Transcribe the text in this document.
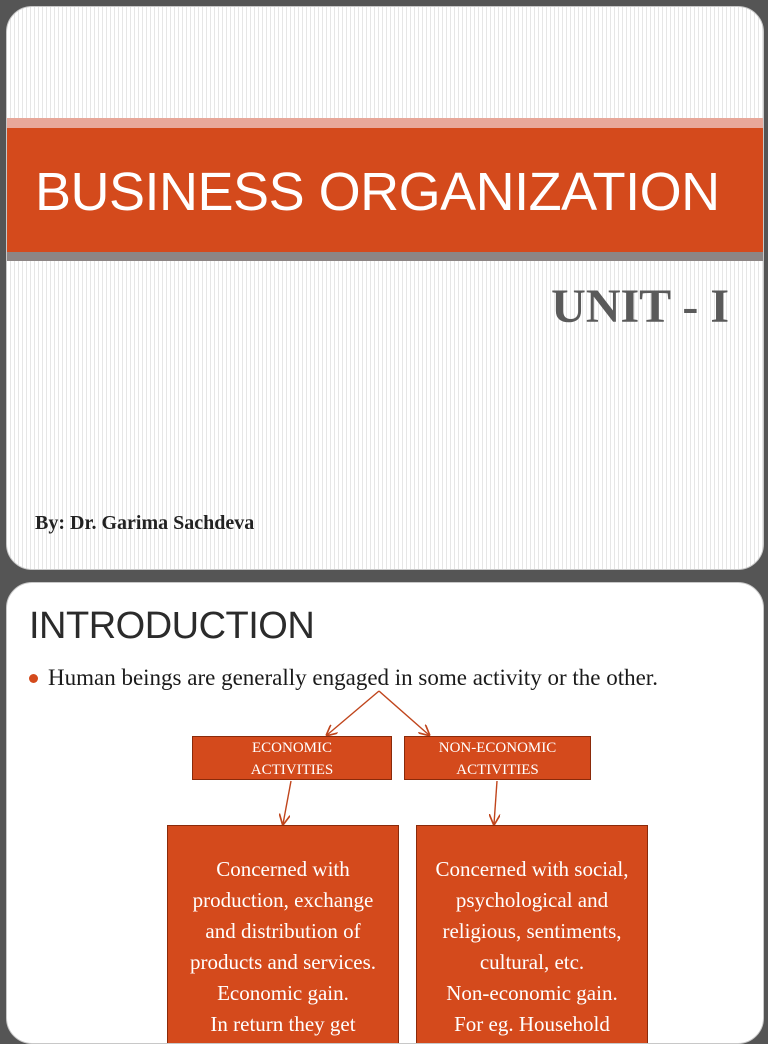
BUSINESS ORGANIZATION
UNIT - I
By: Dr. Garima Sachdeva
INTRODUCTION
Human beings are generally engaged in some activity or the other.
ECONOMIC
ACTIVITIES
NON-ECONOMIC
ACTIVITIES
Concerned with
production, exchange
and distribution of
products and services.
Economic gain.
In return they get
Concerned with social,
psychological and
religious, sentiments,
cultural, etc.
Non-economic gain.
For eg. Household
